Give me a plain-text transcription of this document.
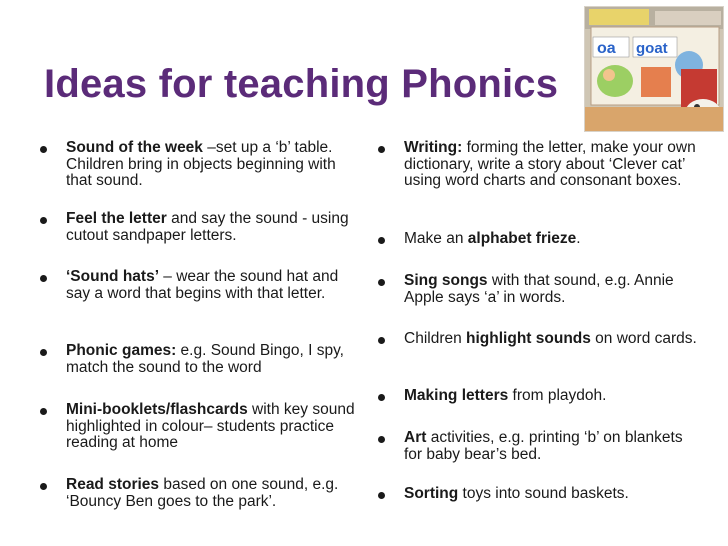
oa goat
Ideas for teaching Phonics
Sound of the week –set up a ‘b’ table. Children bring in objects beginning with that sound.
Feel the letter and say the sound - using cutout sandpaper letters.
‘Sound hats’ – wear the sound hat and say a word that begins with that letter.
Phonic games: e.g. Sound Bingo, I spy, match the sound to the word
Mini-booklets/flashcards with key sound highlighted in colour– students practice reading at home
Read stories based on one sound, e.g. ‘Bouncy Ben goes to the park’.
Writing: forming the letter, make your own dictionary, write a story about ‘Clever cat’ using word charts and consonant boxes.
Make an alphabet frieze.
Sing songs with that sound, e.g. Annie Apple says ‘a’ in words.
Children highlight sounds on word cards.
Making letters from playdoh.
Art activities, e.g. printing ‘b’ on blankets for baby bear’s bed.
Sorting toys into sound baskets.
